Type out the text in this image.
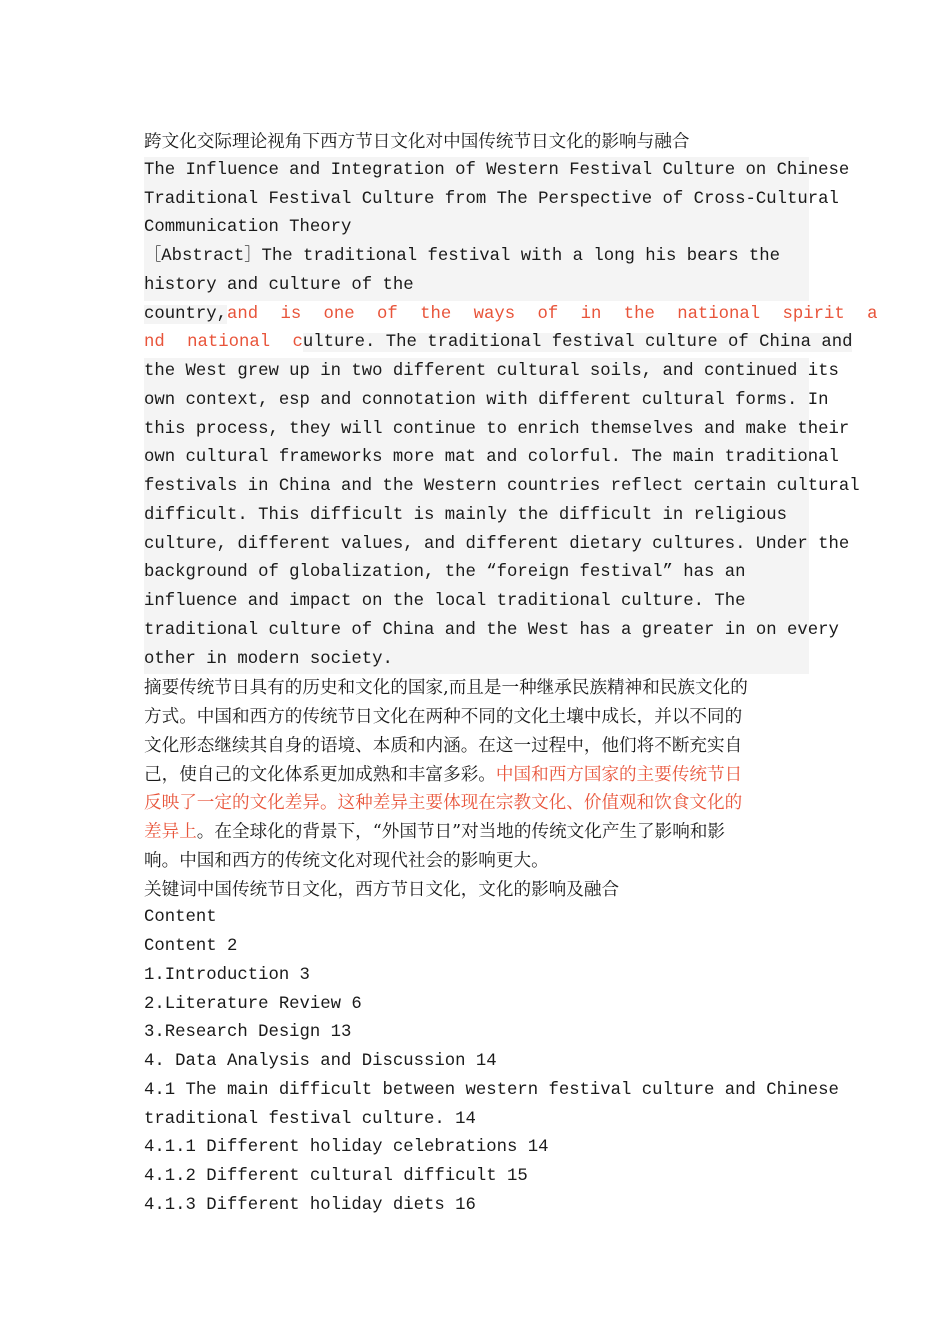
跨文化交际理论视角下西方节日文化对中国传统节日文化的影响与融合
The Influence and Integration of Western Festival Culture on Chinese
Traditional Festival Culture from The Perspective of Cross-Cultural
Communication Theory
［Abstract］The traditional festival with a long his bears the
history and culture of the
country,and is one of the ways of in the national spirit a
nd national culture. The traditional festival culture of China and
the West grew up in two different cultural soils, and continued its
own context, esp and connotation with different cultural forms. In
this process, they will continue to enrich themselves and make their
own cultural frameworks more mat and colorful. The main traditional
festivals in China and the Western countries reflect certain cultural
difficult. This difficult is mainly the difficult in religious
culture, different values, and different dietary cultures. Under the
background of globalization, the “foreign festival” has an
influence and impact on the local traditional culture. The
traditional culture of China and the West has a greater in on every
other in modern society.
摘要传统节日具有的历史和文化的国家,而且是一种继承民族精神和民族文化的
方式。中国和西方的传统节日文化在两种不同的文化土壤中成长，并以不同的
文化形态继续其自身的语境、本质和内涵。在这一过程中，他们将不断充实自
己，使自己的文化体系更加成熟和丰富多彩。中国和西方国家的主要传统节日
反映了一定的文化差异。这种差异主要体现在宗教文化、价值观和饮食文化的
差异上。在全球化的背景下，“外国节日”对当地的传统文化产生了影响和影
响。中国和西方的传统文化对现代社会的影响更大。
关键词中国传统节日文化，西方节日文化，文化的影响及融合
Content
Content 2
1.Introduction 3
2.Literature Review 6
3.Research Design 13
4. Data Analysis and Discussion 14
4.1 The main difficult between western festival culture and Chinese
traditional festival culture. 14
4.1.1 Different holiday celebrations 14
4.1.2 Different cultural difficult 15
4.1.3 Different holiday diets 16
